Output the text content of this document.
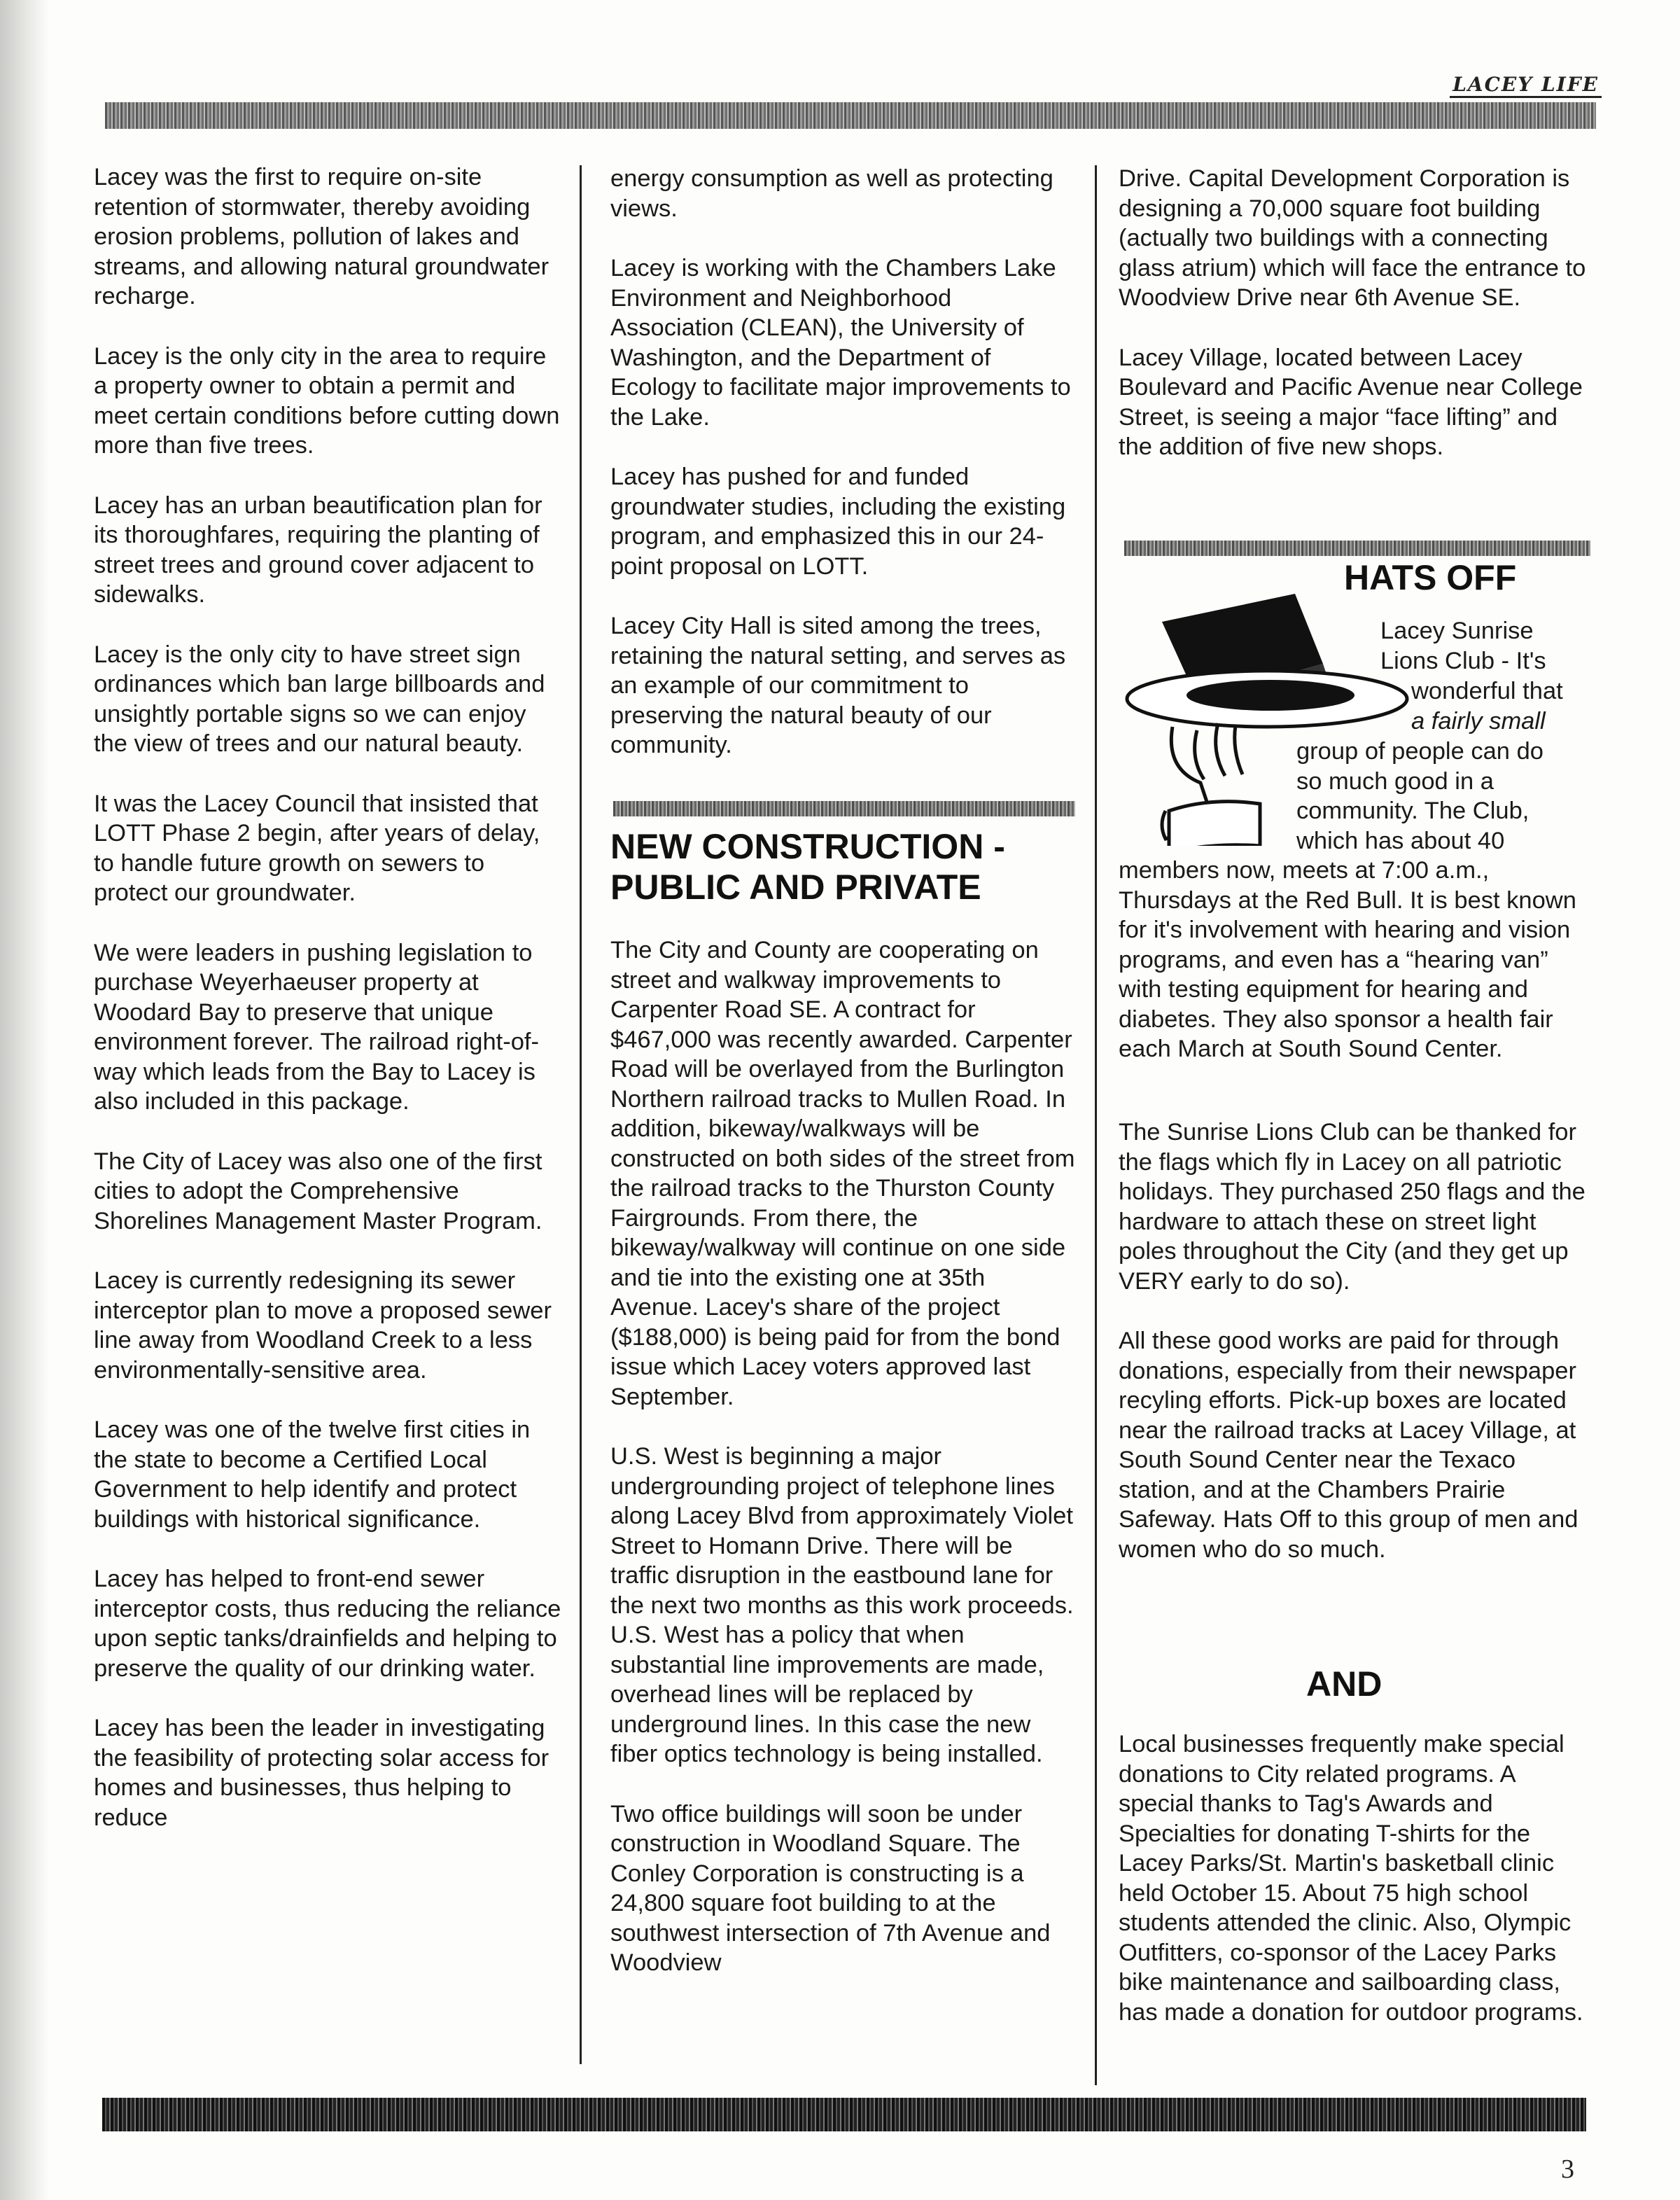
LACEY LIFE

Lacey was the first to require on-site retention of stormwater, thereby avoiding erosion problems, pollution of lakes and streams, and allowing natural groundwater recharge.

Lacey is the only city in the area to require a property owner to obtain a permit and meet certain conditions before cutting down more than five trees.

Lacey has an urban beautification plan for its thoroughfares, requiring the planting of street trees and ground cover adjacent to sidewalks.

Lacey is the only city to have street sign ordinances which ban large billboards and unsightly portable signs so we can enjoy the view of trees and our natural beauty.

It was the Lacey Council that insisted that LOTT Phase 2 begin, after years of delay, to handle future growth on sewers to protect our groundwater.

We were leaders in pushing legislation to purchase Weyerhaeuser property at Woodard Bay to preserve that unique environment forever. The railroad right-of-way which leads from the Bay to Lacey is also included in this package.

The City of Lacey was also one of the first cities to adopt the Comprehensive Shorelines Management Master Program.

Lacey is currently redesigning its sewer interceptor plan to move a proposed sewer line away from Woodland Creek to a less environmentally-sensitive area.

Lacey was one of the twelve first cities in the state to become a Certified Local Government to help identify and protect buildings with historical significance.

Lacey has helped to front-end sewer interceptor costs, thus reducing the reliance upon septic tanks/drainfields and helping to preserve the quality of our drinking water.

Lacey has been the leader in investigating the feasibility of protecting solar access for homes and businesses, thus helping to reduce

energy consumption as well as protecting views.

Lacey is working with the Chambers Lake Environment and Neighborhood Association (CLEAN), the University of Washington, and the Department of Ecology to facilitate major improvements to the Lake.

Lacey has pushed for and funded groundwater studies, including the existing program, and emphasized this in our 24-point proposal on LOTT.

Lacey City Hall is sited among the trees, retaining the natural setting, and serves as an example of our commitment to preserving the natural beauty of our community.

NEW CONSTRUCTION - PUBLIC AND PRIVATE

The City and County are cooperating on street and walkway improvements to Carpenter Road SE. A contract for $467,000 was recently awarded. Carpenter Road will be overlayed from the Burlington Northern railroad tracks to Mullen Road. In addition, bikeway/walkways will be constructed on both sides of the street from the railroad tracks to the Thurston County Fairgrounds. From there, the bikeway/walkway will continue on one side and tie into the existing one at 35th Avenue. Lacey's share of the project ($188,000) is being paid for from the bond issue which Lacey voters approved last September.

U.S. West is beginning a major undergrounding project of telephone lines along Lacey Blvd from approximately Violet Street to Homann Drive. There will be traffic disruption in the eastbound lane for the next two months as this work proceeds. U.S. West has a policy that when substantial line improvements are made, overhead lines will be replaced by underground lines. In this case the new fiber optics technology is being installed.

Two office buildings will soon be under construction in Woodland Square. The Conley Corporation is constructing is a 24,800 square foot building to at the southwest intersection of 7th Avenue and Woodview

Drive. Capital Development Corporation is designing a 70,000 square foot building (actually two buildings with a connecting glass atrium) which will face the entrance to Woodview Drive near 6th Avenue SE.

Lacey Village, located between Lacey Boulevard and Pacific Avenue near College Street, is seeing a major “face lifting” and the addition of five new shops.

HATS OFF
Lacey Sunrise
Lions Club - It's
wonderful that
a fairly small
group of people can do
so much good in a
community. The Club,
which has about 40

members now, meets at 7:00 a.m., Thursdays at the Red Bull. It is best known for it's involvement with hearing and vision programs, and even has a “hearing van” with testing equipment for hearing and diabetes. They also sponsor a health fair each March at South Sound Center.

The Sunrise Lions Club can be thanked for the flags which fly in Lacey on all patriotic holidays. They purchased 250 flags and the hardware to attach these on street light poles throughout the City (and they get up VERY early to do so).

All these good works are paid for through donations, especially from their newspaper recyling efforts. Pick-up boxes are located near the railroad tracks at Lacey Village, at South Sound Center near the Texaco station, and at the Chambers Prairie Safeway. Hats Off to this group of men and women who do so much.

AND

Local businesses frequently make special donations to City related programs. A special thanks to Tag's Awards and Specialties for donating T-shirts for the Lacey Parks/St. Martin's basketball clinic held October 15. About 75 high school students attended the clinic. Also, Olympic Outfitters, co-sponsor of the Lacey Parks bike maintenance and sailboarding class, has made a donation for outdoor programs.

3
